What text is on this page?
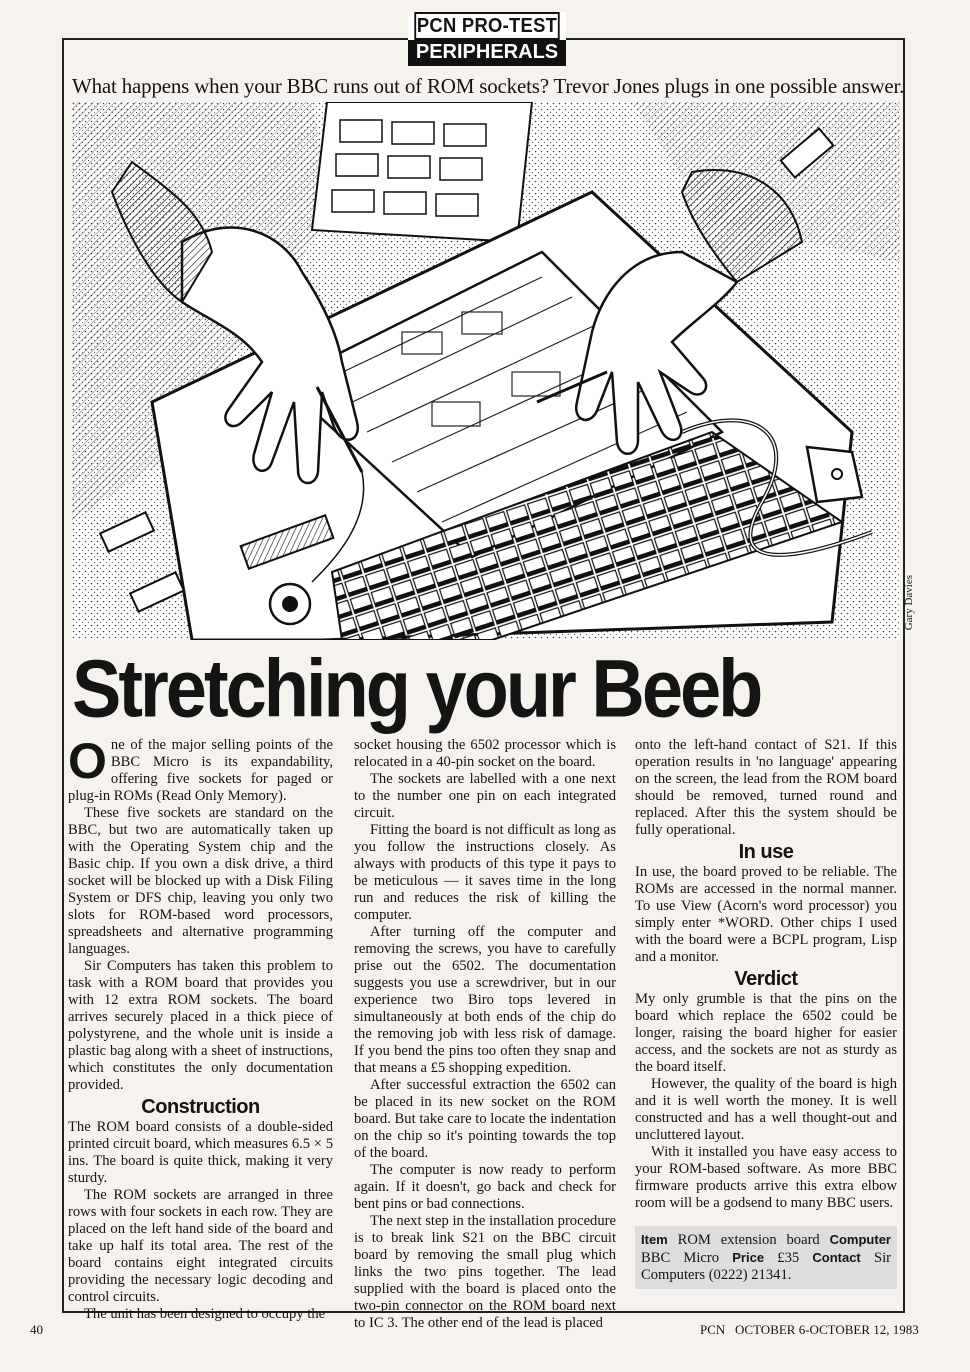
PCN PRO-TEST
PERIPHERALS
What happens when your BBC runs out of ROM sockets? Trevor Jones plugs in one possible answer.
Gary Davies
Stretching your Beeb

One of the major selling points of the BBC Micro is its expandability, offering five sockets for paged or plug-in ROMs (Read Only Memory).

These five sockets are standard on the BBC, but two are automatically taken up with the Operating System chip and the Basic chip. If you own a disk drive, a third socket will be blocked up with a Disk Filing System or DFS chip, leaving you only two slots for ROM-based word processors, spreadsheets and alternative programming languages.

Sir Computers has taken this problem to task with a ROM board that provides you with 12 extra ROM sockets. The board arrives securely placed in a thick piece of polystyrene, and the whole unit is inside a plastic bag along with a sheet of instructions, which constitutes the only documentation provided.

Construction

The ROM board consists of a double-sided printed circuit board, which measures 6.5 × 5 ins. The board is quite thick, making it very sturdy.

The ROM sockets are arranged in three rows with four sockets in each row. They are placed on the left hand side of the board and take up half its total area. The rest of the board contains eight integrated circuits providing the necessary logic decoding and control circuits.

The unit has been designed to occupy the

socket housing the 6502 processor which is relocated in a 40-pin socket on the board.

The sockets are labelled with a one next to the number one pin on each integrated circuit.

Fitting the board is not difficult as long as you follow the instructions closely. As always with products of this type it pays to be meticulous — it saves time in the long run and reduces the risk of killing the computer.

After turning off the computer and removing the screws, you have to carefully prise out the 6502. The documentation suggests you use a screwdriver, but in our experience two Biro tops levered in simultaneously at both ends of the chip do the removing job with less risk of damage. If you bend the pins too often they snap and that means a £5 shopping expedition.

After successful extraction the 6502 can be placed in its new socket on the ROM board. But take care to locate the indentation on the chip so it's pointing towards the top of the board.

The computer is now ready to perform again. If it doesn't, go back and check for bent pins or bad connections.

The next step in the installation procedure is to break link S21 on the BBC circuit board by removing the small plug which links the two pins together. The lead supplied with the board is placed onto the two-pin connector on the ROM board next to IC 3. The other end of the lead is placed

onto the left-hand contact of S21. If this operation results in 'no language' appearing on the screen, the lead from the ROM board should be removed, turned round and replaced. After this the system should be fully operational.

In use

In use, the board proved to be reliable. The ROMs are accessed in the normal manner. To use View (Acorn's word processor) you simply enter *WORD. Other chips I used with the board were a BCPL program, Lisp and a monitor.

Verdict

My only grumble is that the pins on the board which replace the 6502 could be longer, raising the board higher for easier access, and the sockets are not as sturdy as the board itself.

However, the quality of the board is high and it is well worth the money. It is well constructed and has a well thought-out and uncluttered layout.

With it installed you have easy access to your ROM-based software. As more BBC firmware products arrive this extra elbow room will be a godsend to many BBC users.

Item ROM extension board Computer BBC Micro Price £35 Contact Sir Computers (0222) 21341.
40	PCN   OCTOBER 6-OCTOBER 12, 1983
